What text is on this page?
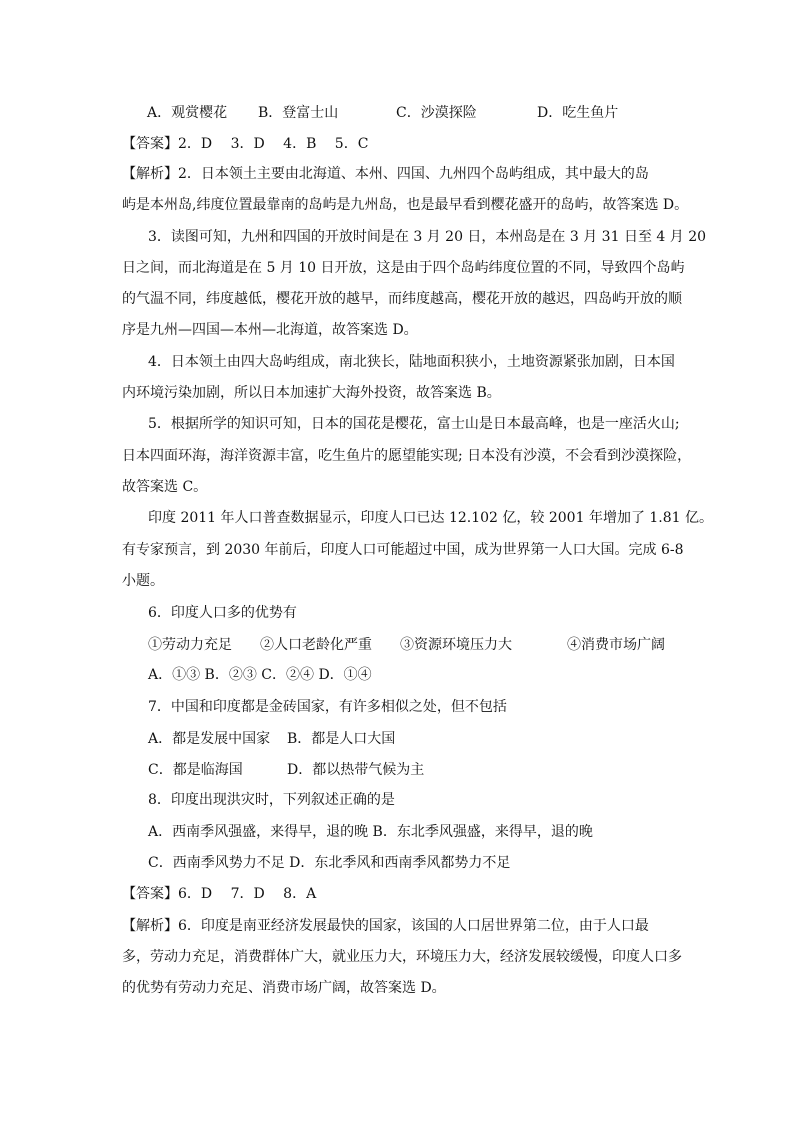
A．观赏樱花 B．登富士山	C．沙漠探险	D．吃生鱼片
【答案】2．D　 3．D　 4．B　 5．C
【解析】2．日本领土主要由北海道、本州、四国、九州四个岛屿组成，其中最大的岛
屿是本州岛,纬度位置最靠南的岛屿是九州岛，也是最早看到樱花盛开的岛屿，故答案选 D。
3．读图可知，九州和四国的开放时间是在 3 月 20 日，本州岛是在 3 月 31 日至 4 月 20
日之间，而北海道是在 5 月 10 日开放，这是由于四个岛屿纬度位置的不同，导致四个岛屿
的气温不同，纬度越低，樱花开放的越早，而纬度越高，樱花开放的越迟，四岛屿开放的顺
序是九州—四国—本州—北海道，故答案选 D。
4．日本领土由四大岛屿组成，南北狭长，陆地面积狭小，土地资源紧张加剧，日本国
内环境污染加剧，所以日本加速扩大海外投资，故答案选 B。
5．根据所学的知识可知，日本的国花是樱花，富士山是日本最高峰，也是一座活火山;
日本四面环海，海洋资源丰富，吃生鱼片的愿望能实现; 日本没有沙漠，不会看到沙漠探险，
故答案选 C。
印度 2011 年人口普查数据显示，印度人口已达 12.102 亿，较 2001 年增加了 1.81 亿。
有专家预言，到 2030 年前后，印度人口可能超过中国，成为世界第一人口大国。完成 6-8
小题。
6．印度人口多的优势有
①劳动力充足 ②人口老龄化严重 ③资源环境压力大	④消费市场广阔
A．①③ B．②③ C．②④ D．①④
7．中国和印度都是金砖国家，有许多相似之处，但不包括
A．都是发展中国家 B．都是人口大国
C．都是临海国	D．都以热带气候为主
8．印度出现洪灾时，下列叙述正确的是
A．西南季风强盛，来得早，退的晚 B．东北季风强盛，来得早，退的晚
C．西南季风势力不足 D．东北季风和西南季风都势力不足
【答案】6．D　 7．D　 8．A
【解析】6．印度是南亚经济发展最快的国家，该国的人口居世界第二位，由于人口最
多，劳动力充足，消费群体广大，就业压力大，环境压力大，经济发展较缓慢，印度人口多
的优势有劳动力充足、消费市场广阔，故答案选 D。
